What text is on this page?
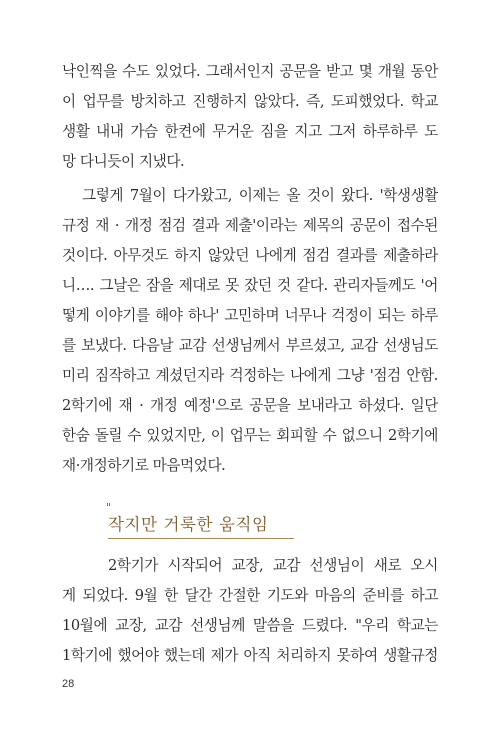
낙인찍을 수도 있었다. 그래서인지 공문을 받고 몇 개월 동안
이 업무를 방치하고 진행하지 않았다. 즉, 도피했었다. 학교
생활 내내 가슴 한켠에 무거운 짐을 지고 그저 하루하루 도
망 다니듯이 지냈다.
그렇게 7월이 다가왔고, 이제는 올 것이 왔다. '학생생활
규정 재 · 개정 점검 결과 제출'이라는 제목의 공문이 접수된
것이다. 아무것도 하지 않았던 나에게 점검 결과를 제출하라
니…. 그날은 잠을 제대로 못 잤던 것 같다. 관리자들께도 '어
떻게 이야기를 해야 하나' 고민하며 너무나 걱정이 되는 하루
를 보냈다. 다음날 교감 선생님께서 부르셨고, 교감 선생님도
미리 짐작하고 계셨던지라 걱정하는 나에게 그냥 '점검 안함.
2학기에 재 · 개정 예정'으로 공문을 보내라고 하셨다. 일단
한숨 돌릴 수 있었지만, 이 업무는 회피할 수 없으니 2학기에
재·개정하기로 마음먹었다.
"
작지만 거룩한 움직임
2학기가 시작되어 교장, 교감 선생님이 새로 오시
게 되었다. 9월 한 달간 간절한 기도와 마음의 준비를 하고
10월에 교장, 교감 선생님께 말씀을 드렸다. "우리 학교는
1학기에 했어야 했는데 제가 아직 처리하지 못하여 생활규정
28
